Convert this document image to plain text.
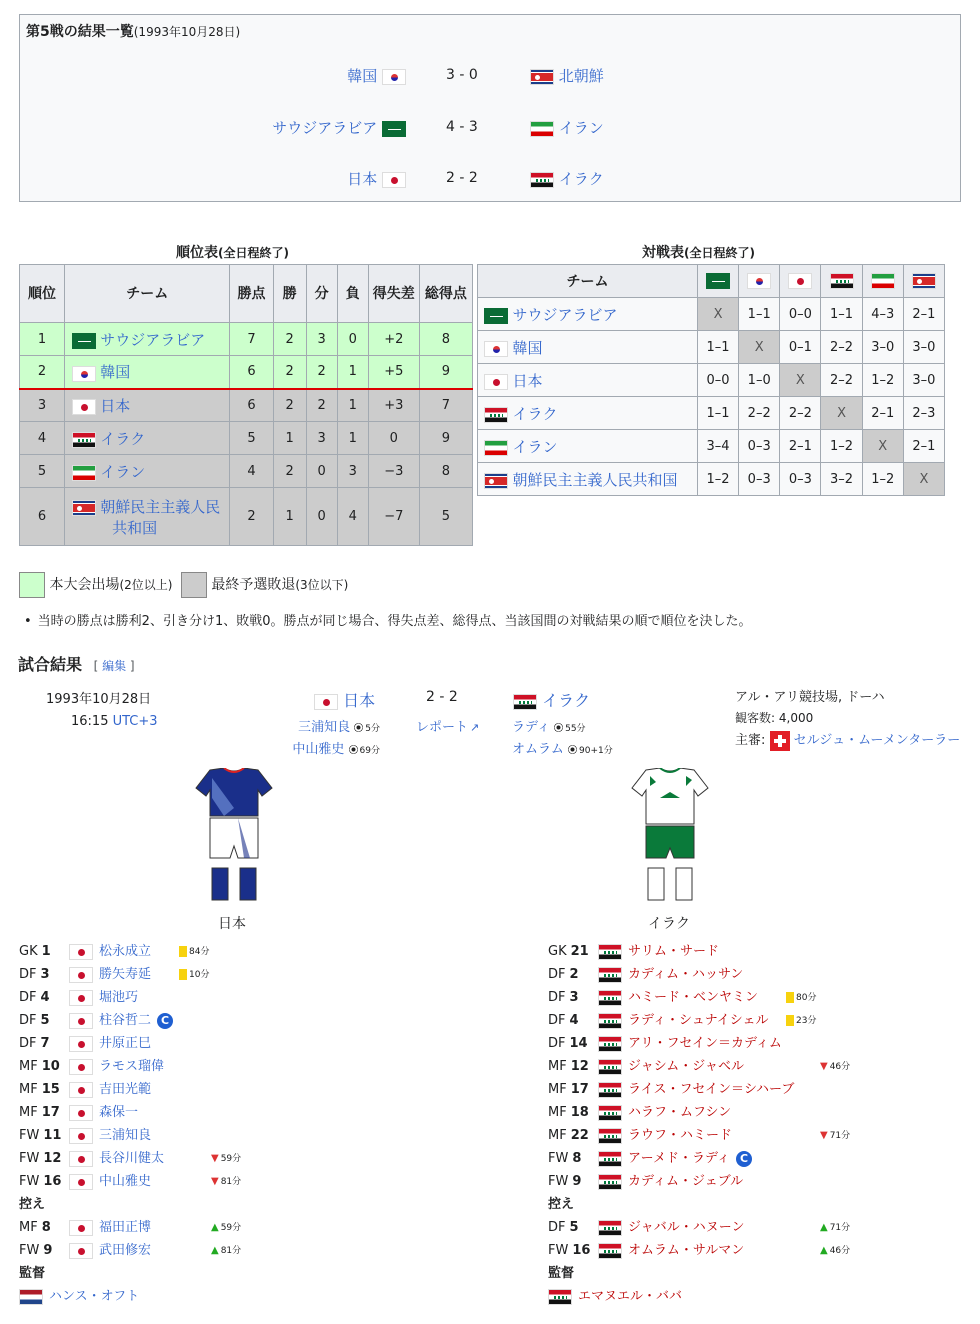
第5戦の結果一覧(1993年10月28日)
韓国	3 - 0	北朝鮮
サウジアラビア	4 - 3	イラン
日本	2 - 2	イラク
順位表(全日程終了)
順位	チーム	勝点	勝	分	負	得失差	総得点
1	サウジアラビア	7	2	3	0	+2	8
2	韓国	6	2	2	1	+5	9
3	日本	6	2	2	1	+3	7
4	イラク	5	1	3	1	0	9
5	イラン	4	2	0	3	−3	8
6	朝鮮民主主義人民共和国	2	1	0	4	−7	5
対戦表(全日程終了)
チーム						
サウジアラビア	X	1–1	0–0	1–1	4–3	2–1
韓国	1–1	X	0–1	2–2	3–0	3–0
日本	0–0	1–0	X	2–2	1–2	3–0
イラク	1–1	2–2	2–2	X	2–1	2–3
イラン	3–4	0–3	2–1	1–2	X	2–1
朝鮮民主主義人民共和国	1–2	0–3	0–3	3–2	1–2	X
本大会出場(2位以上)	最終予選敗退(3位以下)
• 当時の勝点は勝利2、引き分け1、敗戦0。勝点が同じ場合、得失点差、総得点、当該国間の対戦結果の順で順位を決した。
試合結果 [ 編集 ]
1993年10月28日
16:15 UTC+3
日本	2 - 2	イラク
レポート ↗
三浦知良 5分
中山雅史 69分
ラディ 55分
オムラム 90+1分
アル・アリ競技場, ドーハ
観客数: 4,000
主審: セルジュ・ムーメンターラー
日本	イラク
GK 1	松永成立	84分
DF 3	勝矢寿延	10分
DF 4	堀池巧
DF 5	柱谷哲二 C
DF 7	井原正巳
MF 10	ラモス瑠偉
MF 15	吉田光範
MF 17	森保一
FW 11	三浦知良
FW 12	長谷川健太	▼ 59分
FW 16	中山雅史	▼ 81分
控え
MF 8	福田正博	▲ 59分
FW 9	武田修宏	▲ 81分
監督
ハンス・オフト
GK 21	サリム・サード
DF 2	カディム・ハッサン
DF 3	ハミード・ベンヤミン	80分
DF 4	ラディ・シュナイシェル	23分
DF 14	アリ・フセイン＝カディム
MF 12	ジャシム・ジャベル	▼ 46分
MF 17	ライス・フセイン＝シハーブ
MF 18	ハラフ・ムフシン
MF 22	ラウフ・ハミード	▼ 71分
FW 8	アーメド・ラディ C
FW 9	カディム・ジェブル
控え
DF 5	ジャバル・ハヌーン	▲ 71分
FW 16	オムラム・サルマン	▲ 46分
監督
エマヌエル・ババ
